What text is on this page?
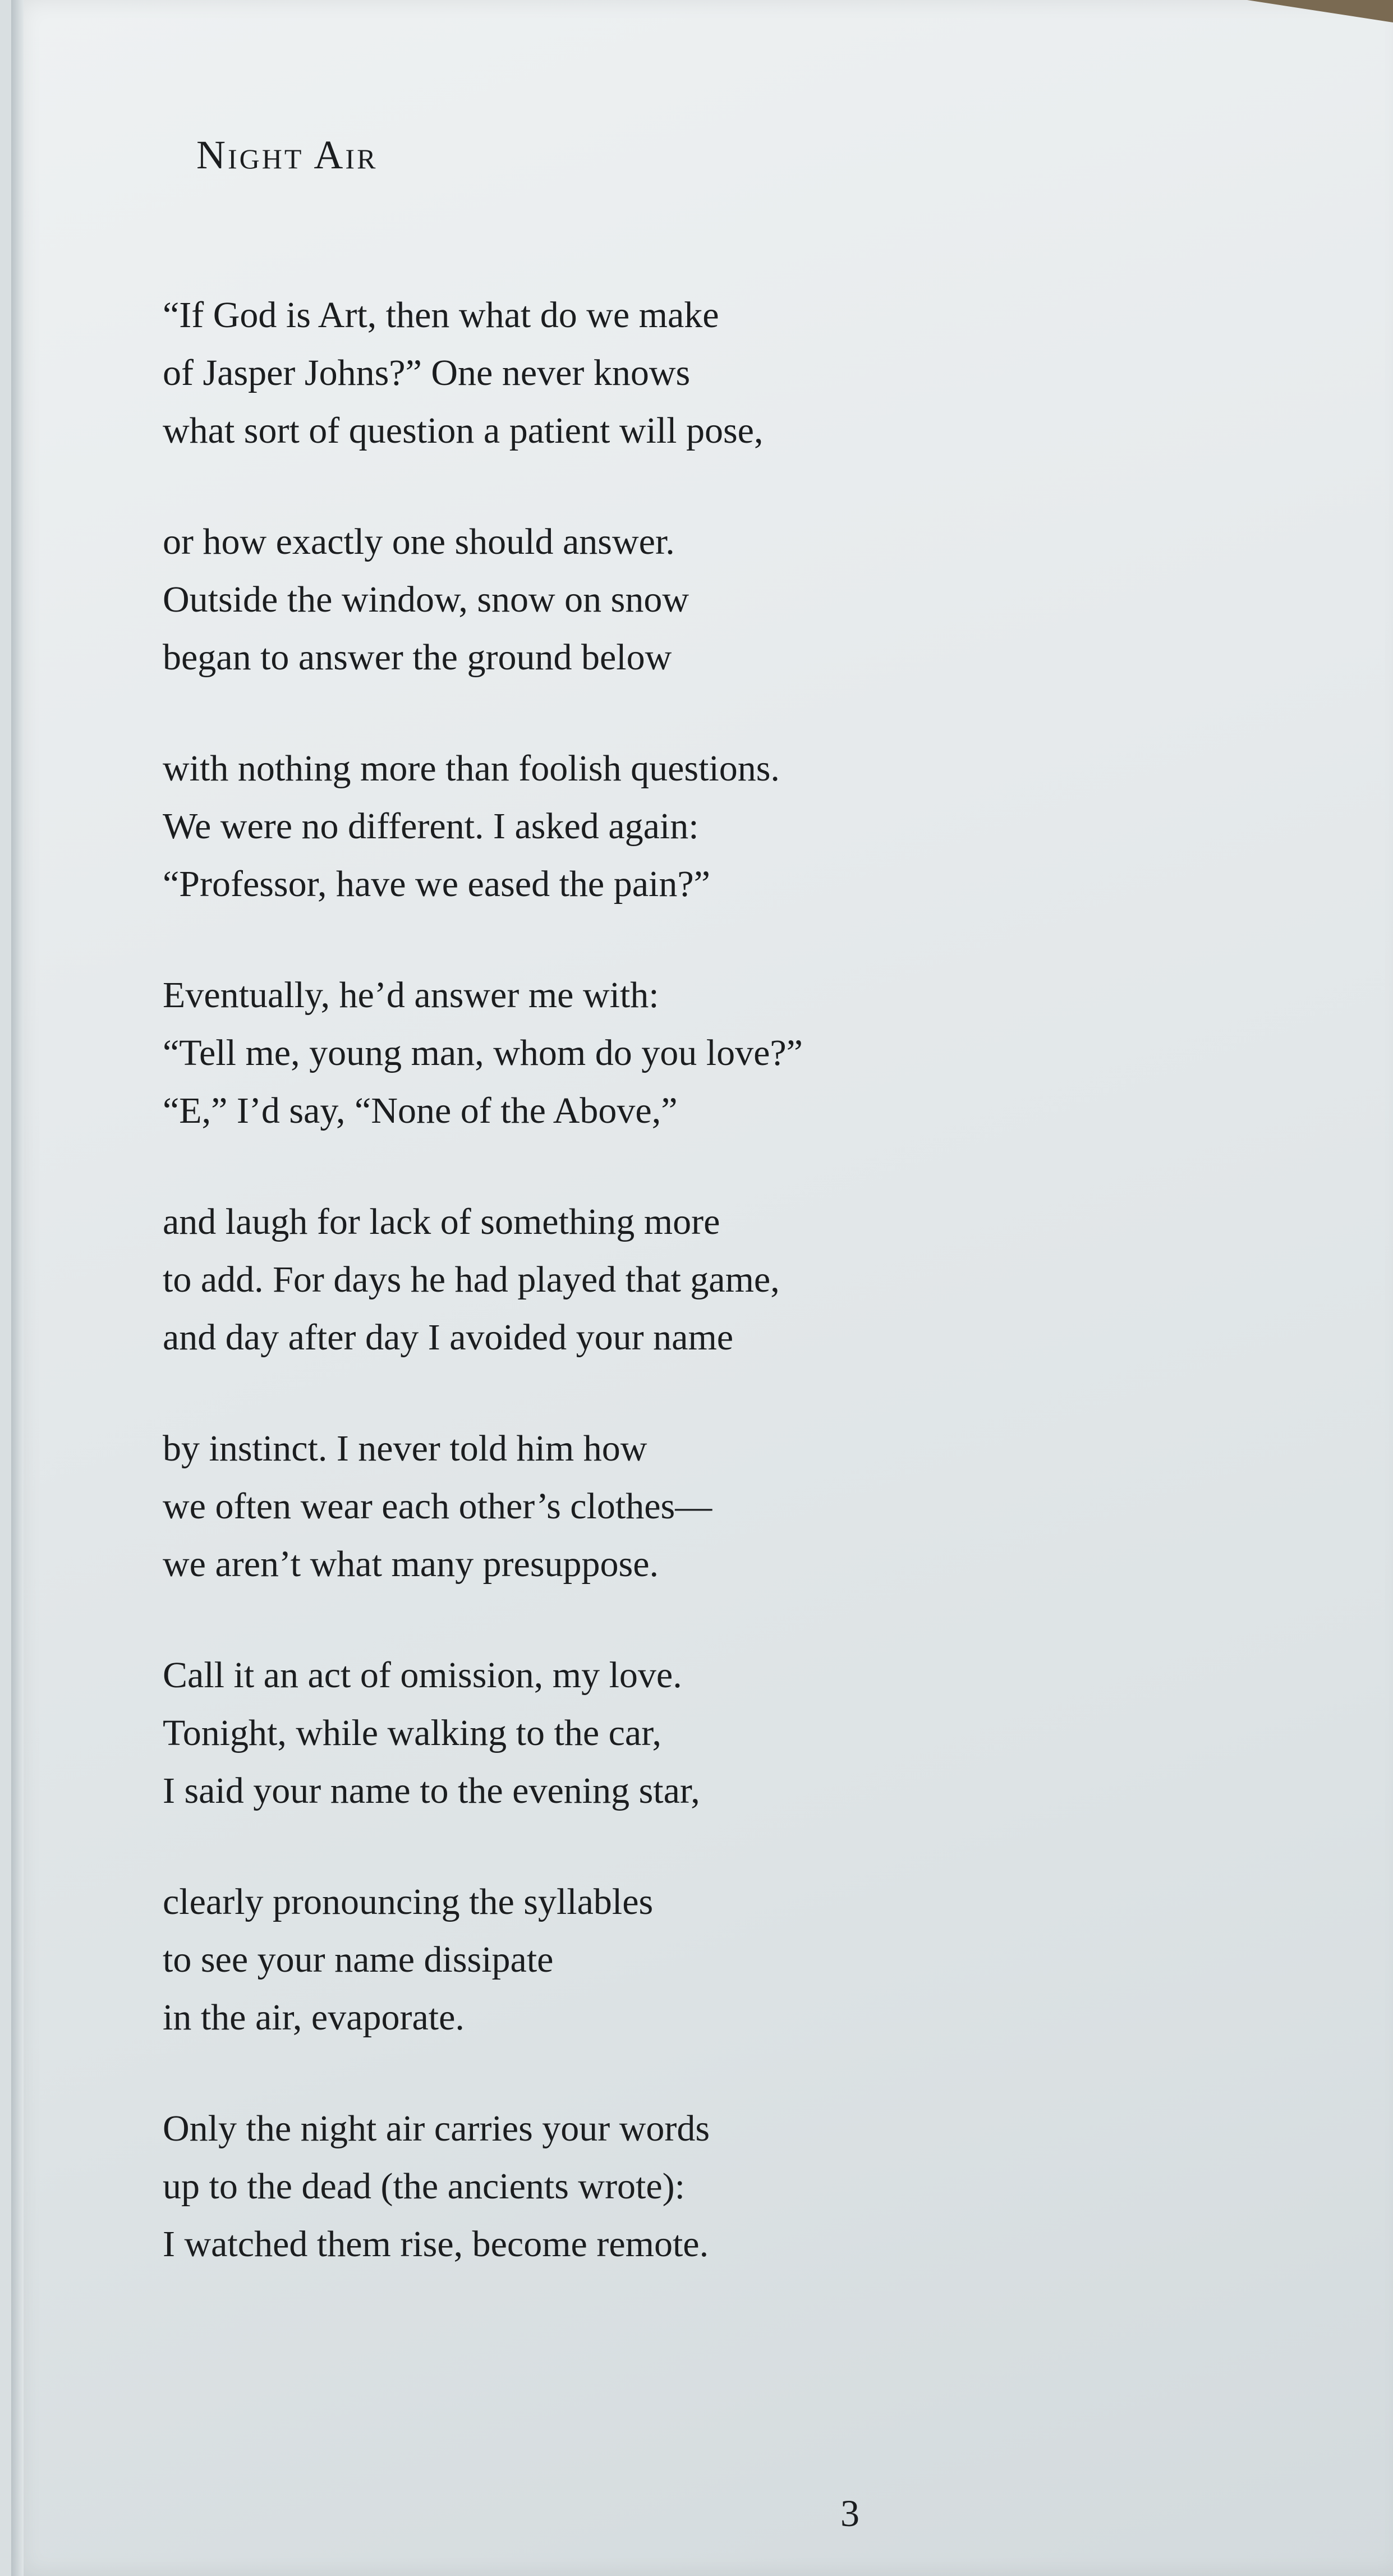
Night Air

“If God is Art, then what do we make
of Jasper Johns?” One never knows
what sort of question a patient will pose,

or how exactly one should answer.
Outside the window, snow on snow
began to answer the ground below

with nothing more than foolish questions.
We were no different. I asked again:
“Professor, have we eased the pain?”

Eventually, he’d answer me with:
“Tell me, young man, whom do you love?”
“E,” I’d say, “None of the Above,”

and laugh for lack of something more
to add. For days he had played that game,
and day after day I avoided your name

by instinct. I never told him how
we often wear each other’s clothes—
we aren’t what many presuppose.

Call it an act of omission, my love.
Tonight, while walking to the car,
I said your name to the evening star,

clearly pronouncing the syllables
to see your name dissipate
in the air, evaporate.

Only the night air carries your words
up to the dead (the ancients wrote):
I watched them rise, become remote.

3
